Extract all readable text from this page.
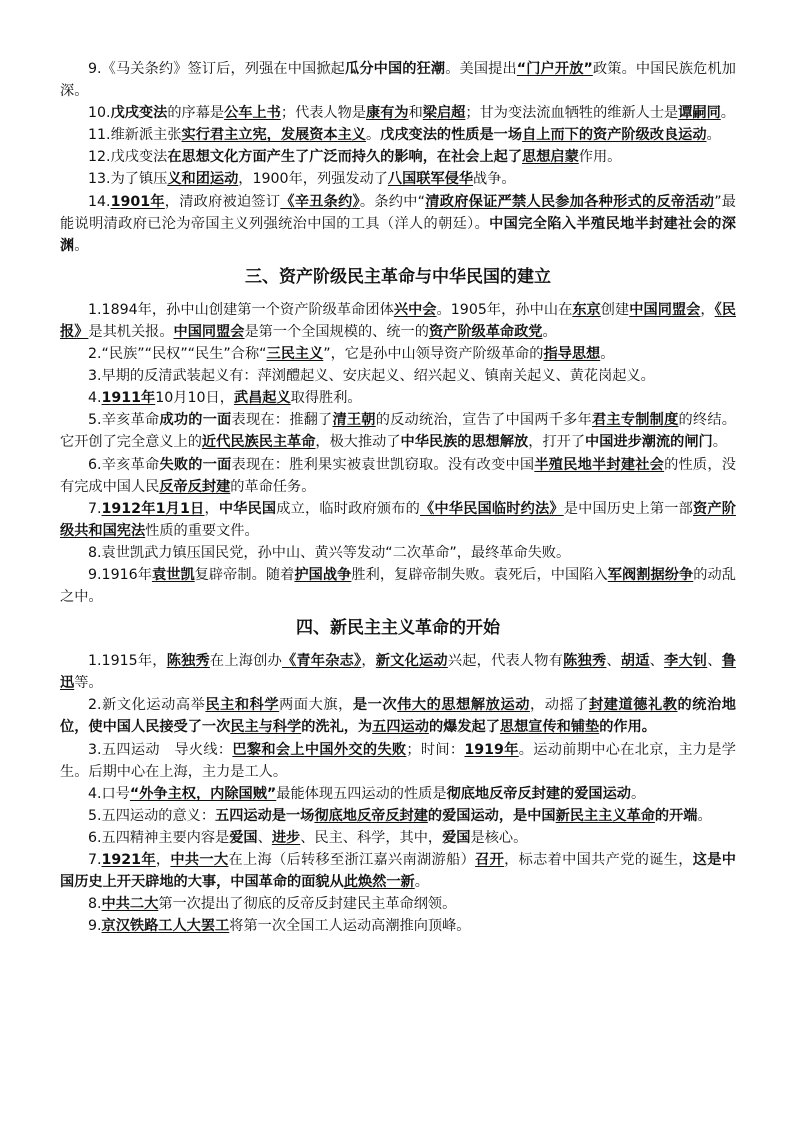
9.《马关条约》签订后，列强在中国掀起瓜分中国的狂潮。美国提出“门户开放”政策。中国民族危机加深。

10.戊戌变法的序幕是公车上书；代表人物是康有为和梁启超；甘为变法流血牺牲的维新人士是谭嗣同。

11.维新派主张实行君主立宪，发展资本主义。戊戌变法的性质是一场自上而下的资产阶级改良运动。

12.戊戌变法在思想文化方面产生了广泛而持久的影响，在社会上起了思想启蒙作用。

13.为了镇压义和团运动，1900年，列强发动了八国联军侵华战争。

14.1901年，清政府被迫签订《辛丑条约》。条约中“清政府保证严禁人民参加各种形式的反帝活动”最能说明清政府已沦为帝国主义列强统治中国的工具（洋人的朝廷）。中国完全陷入半殖民地半封建社会的深渊。

三、资产阶级民主革命与中华民国的建立

1.1894年，孙中山创建第一个资产阶级革命团体兴中会。1905年，孙中山在东京创建中国同盟会，《民报》是其机关报。中国同盟会是第一个全国规模的、统一的资产阶级革命政党。

2.“民族”“民权”“民生”合称“三民主义”，它是孙中山领导资产阶级革命的指导思想。

3.早期的反清武装起义有：萍浏醴起义、安庆起义、绍兴起义、镇南关起义、黄花岗起义。

4.1911年10月10日，武昌起义取得胜利。

5.辛亥革命成功的一面表现在：推翻了清王朝的反动统治，宣告了中国两千多年君主专制制度的终结。它开创了完全意义上的近代民族民主革命，极大推动了中华民族的思想解放，打开了中国进步潮流的闸门。

6.辛亥革命失败的一面表现在：胜利果实被袁世凯窃取。没有改变中国半殖民地半封建社会的性质，没有完成中国人民反帝反封建的革命任务。

7.1912年1月1日，中华民国成立，临时政府颁布的《中华民国临时约法》是中国历史上第一部资产阶级共和国宪法性质的重要文件。

8.袁世凯武力镇压国民党，孙中山、黄兴等发动“二次革命”，最终革命失败。

9.1916年袁世凯复辟帝制。随着护国战争胜利，复辟帝制失败。袁死后，中国陷入军阀割据纷争的动乱之中。

四、新民主主义革命的开始

1.1915年，陈独秀在上海创办《青年杂志》，新文化运动兴起，代表人物有陈独秀、胡适、李大钊、鲁迅等。

2.新文化运动高举民主和科学两面大旗，是一次伟大的思想解放运动，动摇了封建道德礼教的统治地位，使中国人民接受了一次民主与科学的洗礼，为五四运动的爆发起了思想宣传和铺垫的作用。

3.五四运动　导火线：巴黎和会上中国外交的失败；时间：1919年。运动前期中心在北京，主力是学生。后期中心在上海，主力是工人。

4.口号“外争主权，内除国贼”最能体现五四运动的性质是彻底地反帝反封建的爱国运动。

5.五四运动的意义：五四运动是一场彻底地反帝反封建的爱国运动，是中国新民主主义革命的开端。

6.五四精神主要内容是爱国、进步、民主、科学，其中，爱国是核心。

7.1921年，中共一大在上海（后转移至浙江嘉兴南湖游船）召开，标志着中国共产党的诞生，这是中国历史上开天辟地的大事，中国革命的面貌从此焕然一新。

8.中共二大第一次提出了彻底的反帝反封建民主革命纲领。

9.京汉铁路工人大罢工将第一次全国工人运动高潮推向顶峰。
